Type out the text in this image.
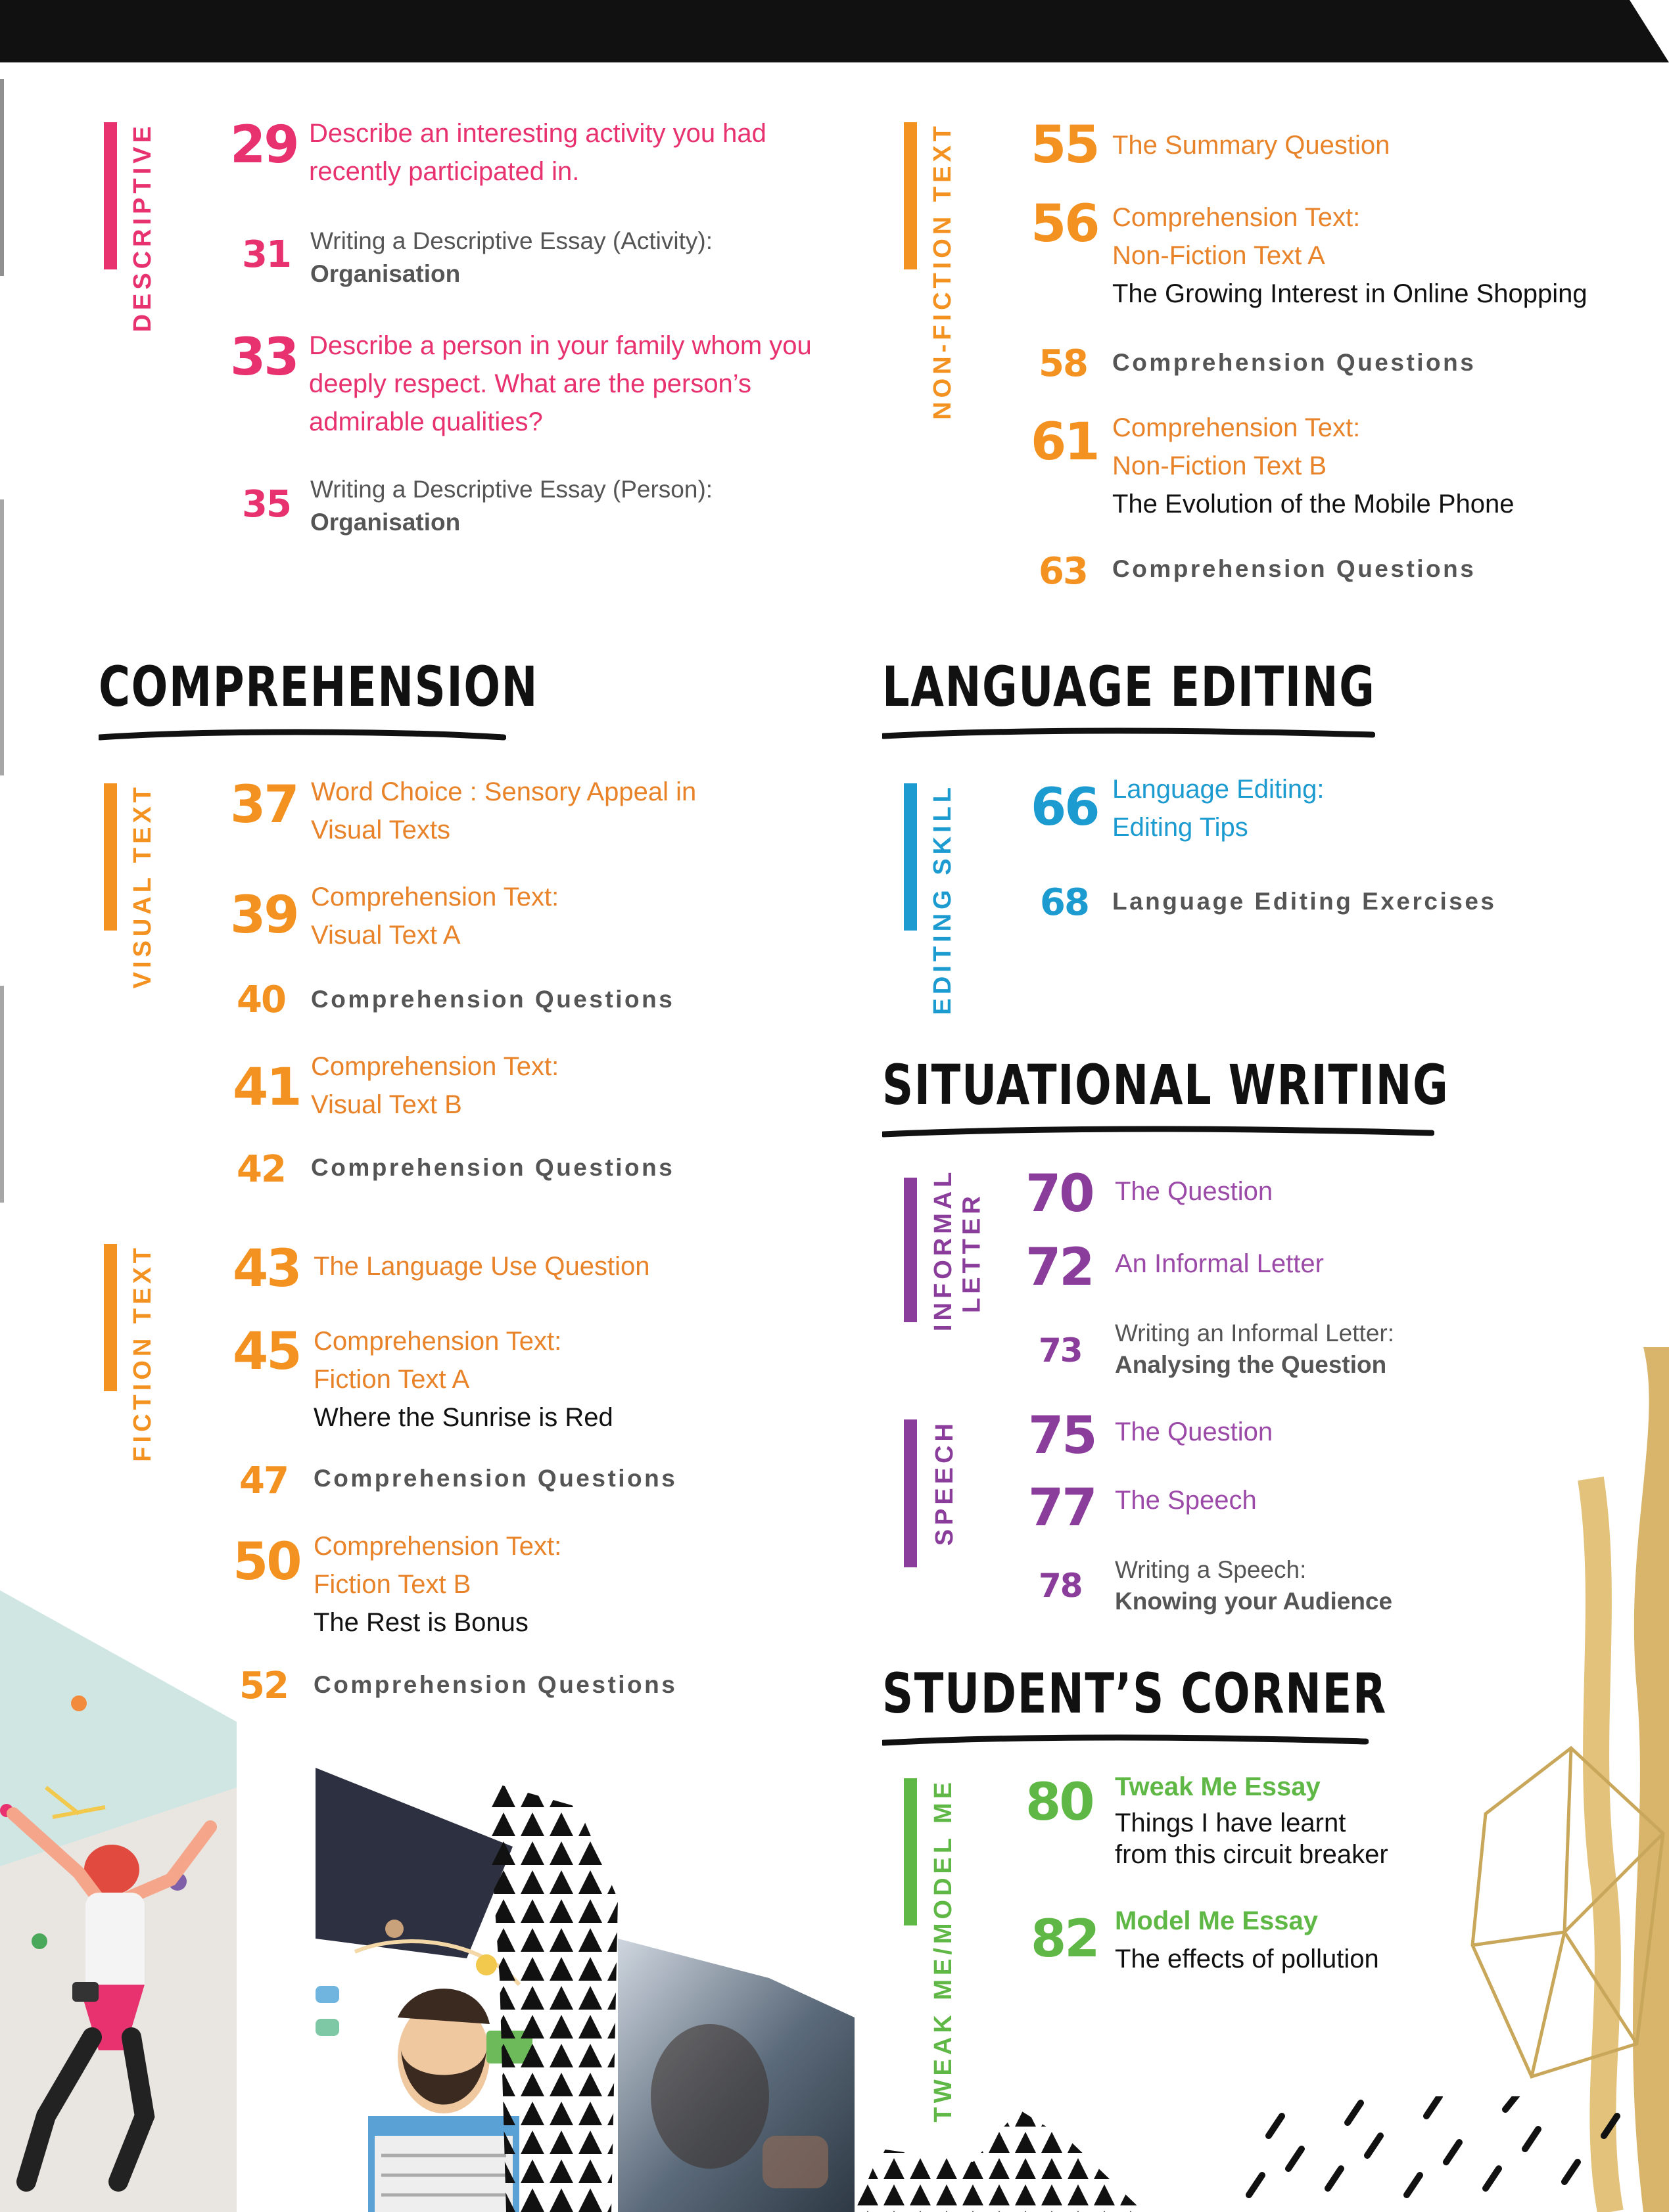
DESCRIPTIVE 29 Describe an interesting activity you had recently participated in.
31 Writing a Descriptive Essay (Activity):
Organisation
33 Describe a person in your family whom you deeply respect. What are the person’s admirable qualities?
35 Writing a Descriptive Essay (Person):
Organisation
NON-FICTION TEXT 55 The Summary Question
56 Comprehension Text:
Non-Fiction Text A
The Growing Interest in Online Shopping
58 Comprehension Questions
61 Comprehension Text:
Non-Fiction Text B
The Evolution of the Mobile Phone
63 Comprehension Questions
COMPREHENSION
VISUAL TEXT 37 Word Choice : Sensory Appeal in
Visual Texts
39 Comprehension Text:
Visual Text A
40 Comprehension Questions
41 Comprehension Text:
Visual Text B
42 Comprehension Questions
FICTION TEXT 43 The Language Use Question
45 Comprehension Text:
Fiction Text A
Where the Sunrise is Red
47 Comprehension Questions
50 Comprehension Text:
Fiction Text B
The Rest is Bonus
52 Comprehension Questions
LANGUAGE EDITING
EDITING SKILL 66 Language Editing:
Editing Tips
68 Language Editing Exercises
SITUATIONAL WRITING
INFORMAL
LETTER 70 The Question
72 An Informal Letter
73 Writing an Informal Letter:
Analysing the Question
SPEECH 75 The Question
77 The Speech
78 Writing a Speech:
Knowing your Audience
STUDENT’S CORNER
TWEAK ME/MODEL ME 80 Tweak Me Essay
Things I have learnt
from this circuit breaker
82 Model Me Essay
The effects of pollution
